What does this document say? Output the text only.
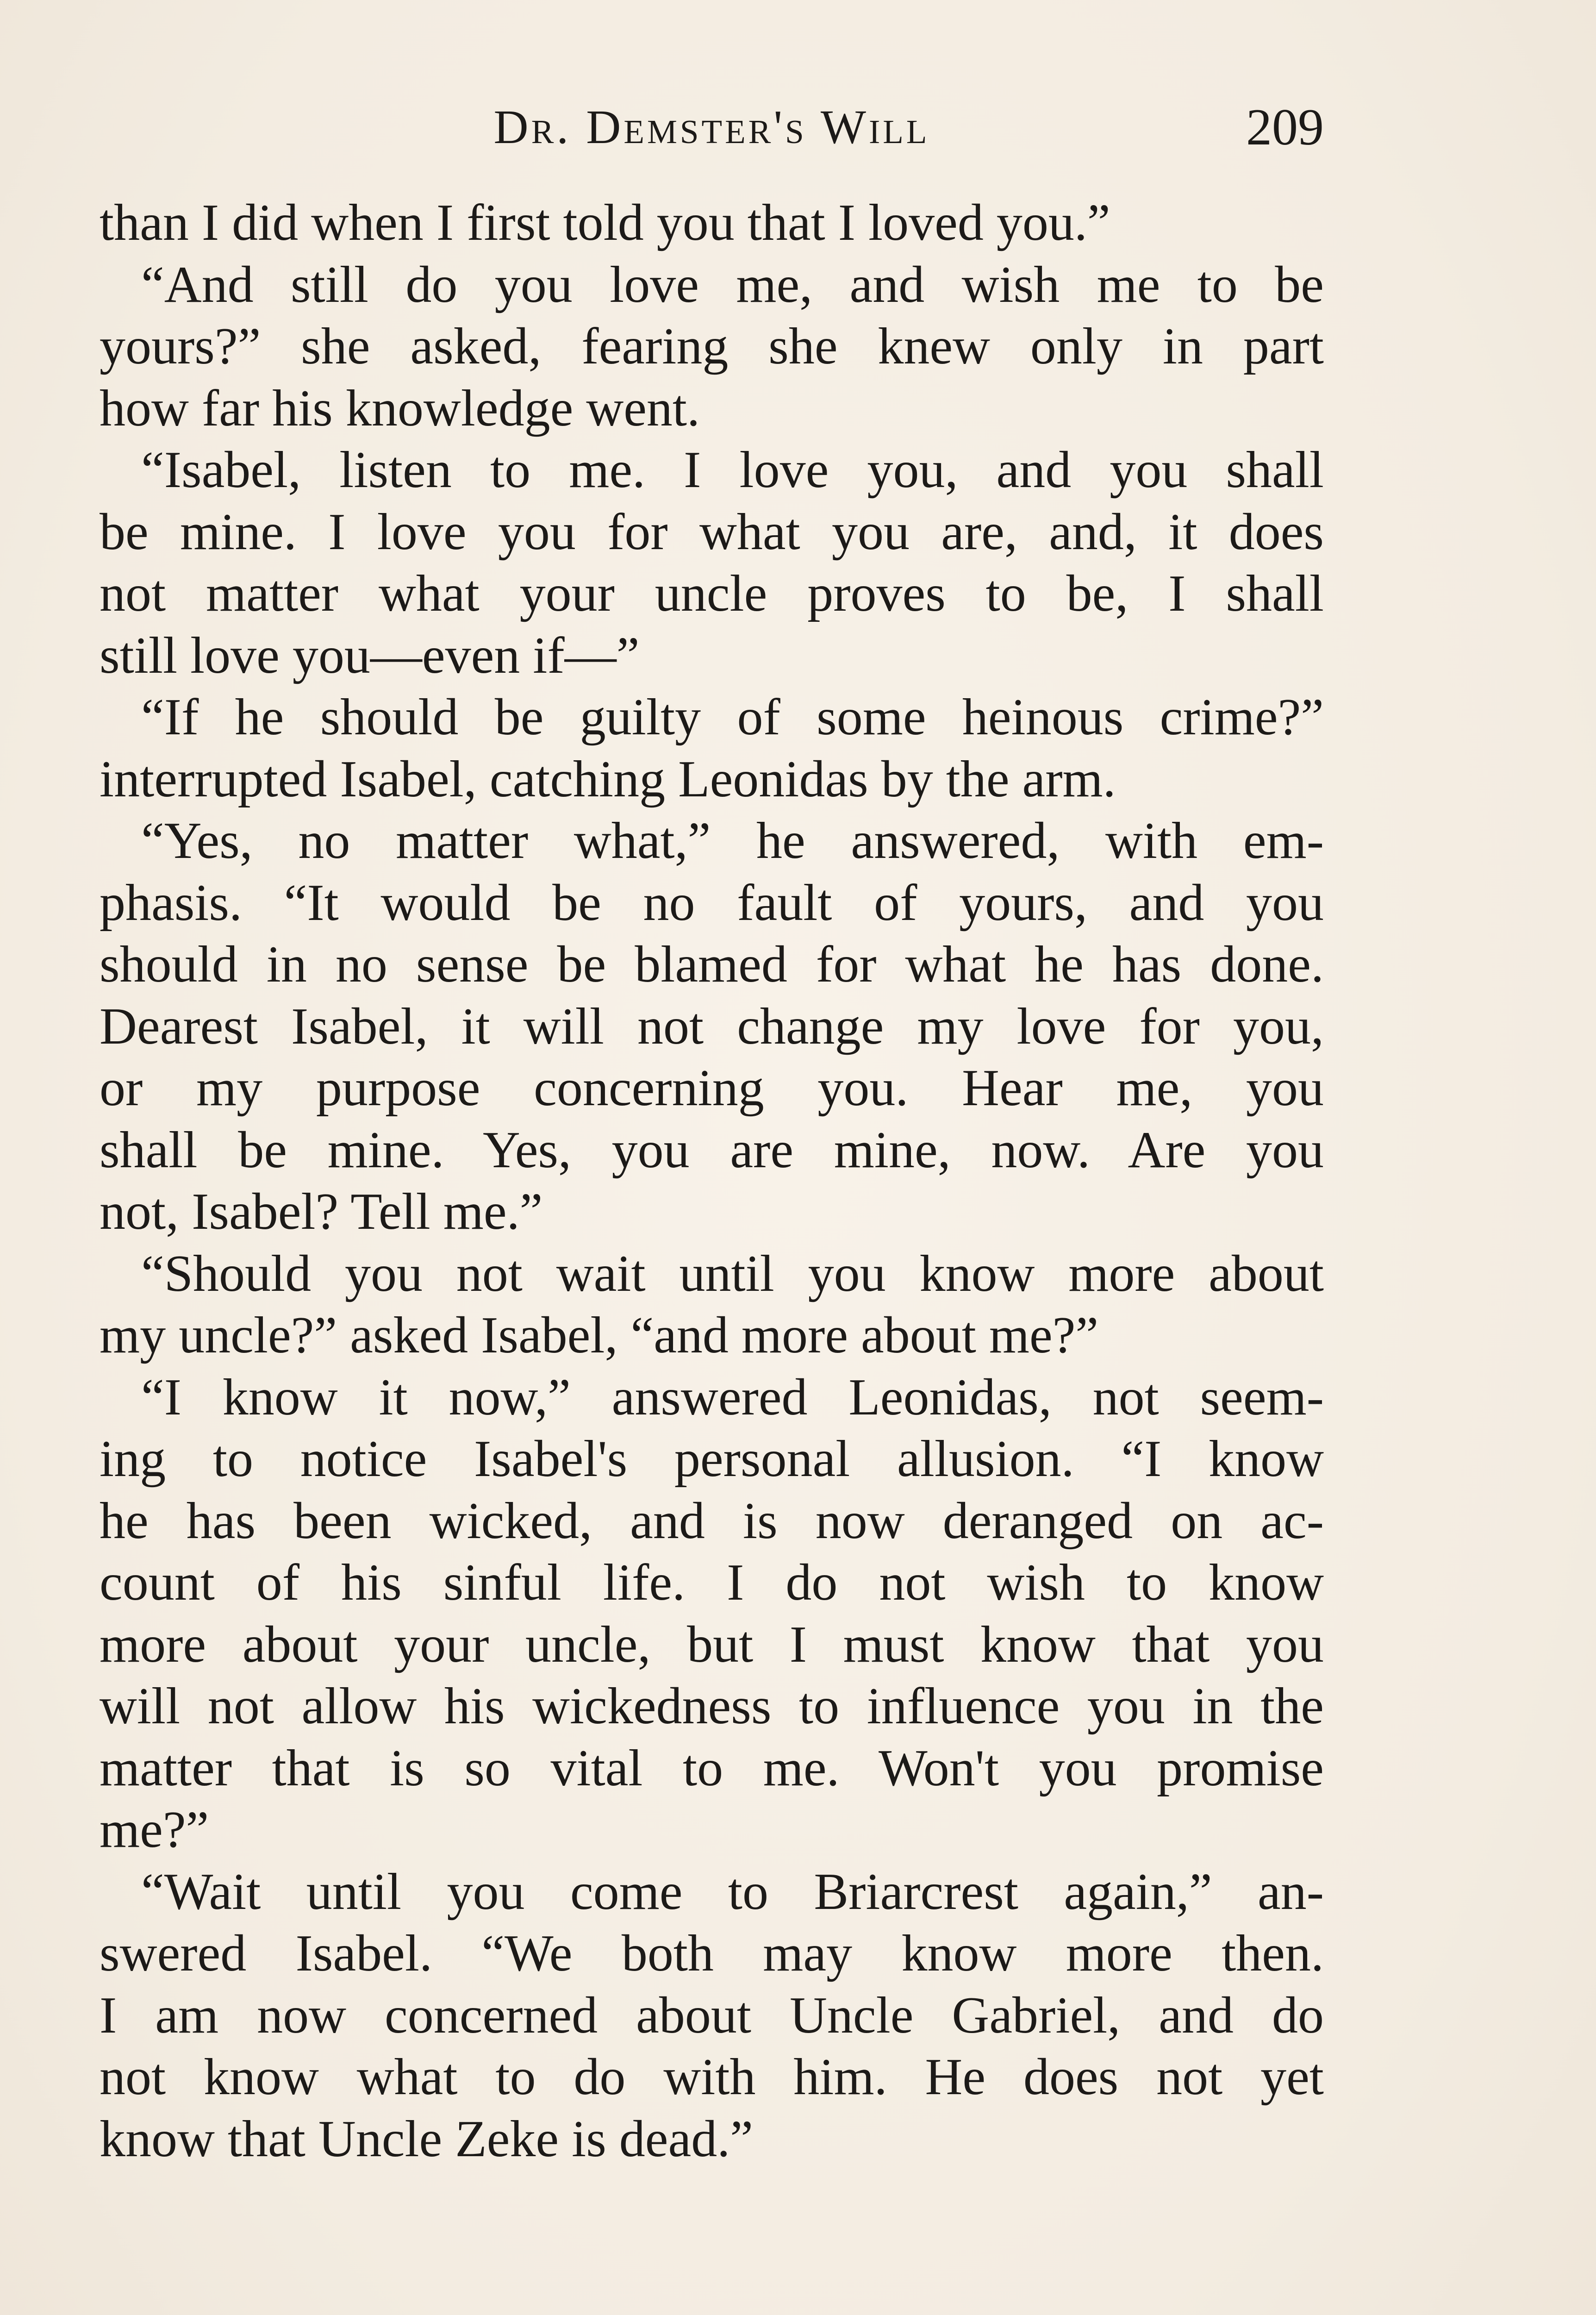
Dr. Demster's Will	209
than I did when I first told you that I loved you.”
“And still do you love me, and wish me to be
yours?” she asked, fearing she knew only in part
how far his knowledge went.
“Isabel, listen to me. I love you, and you shall
be mine. I love you for what you are, and, it does
not matter what your uncle proves to be, I shall
still love you—even if—”
“If he should be guilty of some heinous crime?”
interrupted Isabel, catching Leonidas by the arm.
“Yes, no matter what,” he answered, with em-
phasis. “It would be no fault of yours, and you
should in no sense be blamed for what he has done.
Dearest Isabel, it will not change my love for you,
or my purpose concerning you. Hear me, you
shall be mine. Yes, you are mine, now. Are you
not, Isabel? Tell me.”
“Should you not wait until you know more about
my uncle?” asked Isabel, “and more about me?”
“I know it now,” answered Leonidas, not seem-
ing to notice Isabel's personal allusion. “I know
he has been wicked, and is now deranged on ac-
count of his sinful life. I do not wish to know
more about your uncle, but I must know that you
will not allow his wickedness to influence you in the
matter that is so vital to me. Won't you promise
me?”
“Wait until you come to Briarcrest again,” an-
swered Isabel. “We both may know more then.
I am now concerned about Uncle Gabriel, and do
not know what to do with him. He does not yet
know that Uncle Zeke is dead.”
